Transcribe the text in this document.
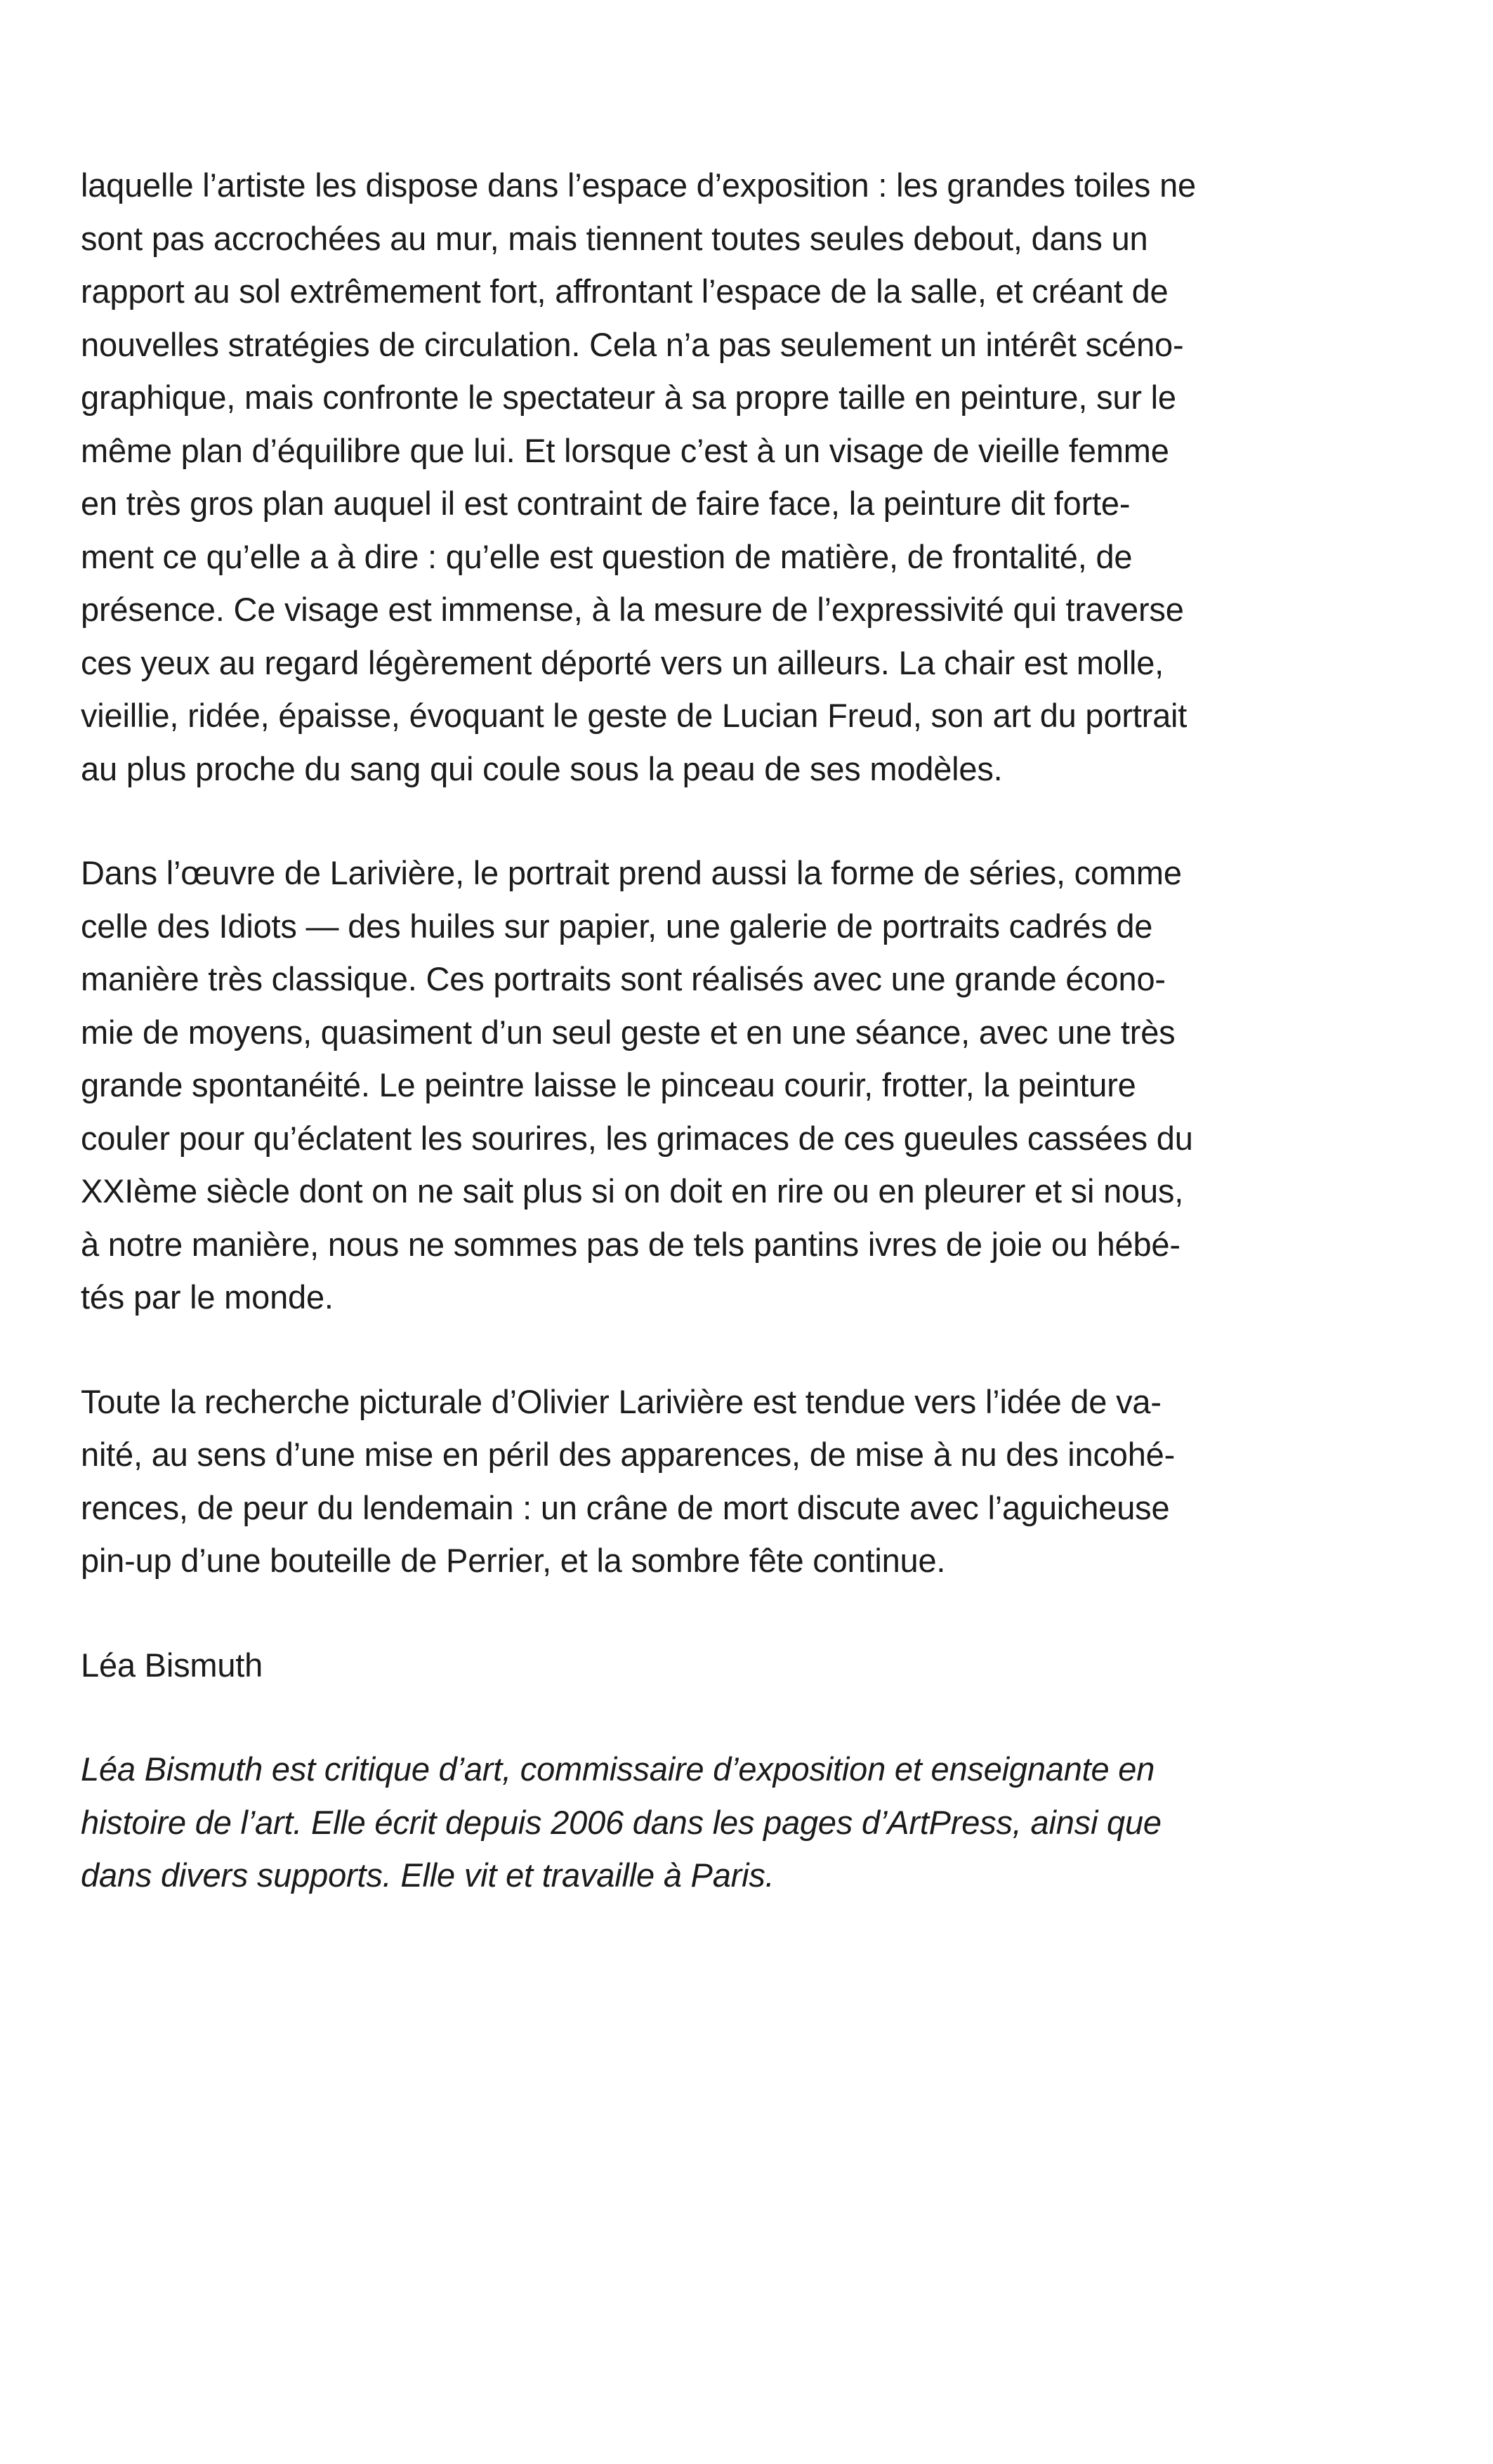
laquelle l’artiste les dispose dans l’espace d’exposition : les grandes toiles ne
sont pas accrochées au mur, mais tiennent toutes seules debout, dans un
rapport au sol extrêmement fort, affrontant l’espace de la salle, et créant de
nouvelles stratégies de circulation. Cela n’a pas seulement un intérêt scéno-
graphique, mais confronte le spectateur à sa propre taille en peinture, sur le
même plan d’équilibre que lui. Et lorsque c’est à un visage de vieille femme
en très gros plan auquel il est contraint de faire face, la peinture dit forte-
ment ce qu’elle a à dire : qu’elle est question de matière, de frontalité, de
présence. Ce visage est immense, à la mesure de l’expressivité qui traverse
ces yeux au regard légèrement déporté vers un ailleurs. La chair est molle,
vieillie, ridée, épaisse, évoquant le geste de Lucian Freud, son art du portrait
au plus proche du sang qui coule sous la peau de ses modèles.

Dans l’œuvre de Larivière, le portrait prend aussi la forme de séries, comme
celle des Idiots — des huiles sur papier, une galerie de portraits cadrés de
manière très classique. Ces portraits sont réalisés avec une grande écono-
mie de moyens, quasiment d’un seul geste et en une séance, avec une très
grande spontanéité. Le peintre laisse le pinceau courir, frotter, la peinture
couler pour qu’éclatent les sourires, les grimaces de ces gueules cassées du
XXIème siècle dont on ne sait plus si on doit en rire ou en pleurer et si nous,
à notre manière, nous ne sommes pas de tels pantins ivres de joie ou hébé-
tés par le monde.

Toute la recherche picturale d’Olivier Larivière est tendue vers l’idée de va-
nité, au sens d’une mise en péril des apparences, de mise à nu des incohé-
rences, de peur du lendemain : un crâne de mort discute avec l’aguicheuse
pin-up d’une bouteille de Perrier, et la sombre fête continue.

Léa Bismuth

Léa Bismuth est critique d’art, commissaire d’exposition et enseignante en
histoire de l’art. Elle écrit depuis 2006 dans les pages d’ArtPress, ainsi que
dans divers supports. Elle vit et travaille à Paris.
